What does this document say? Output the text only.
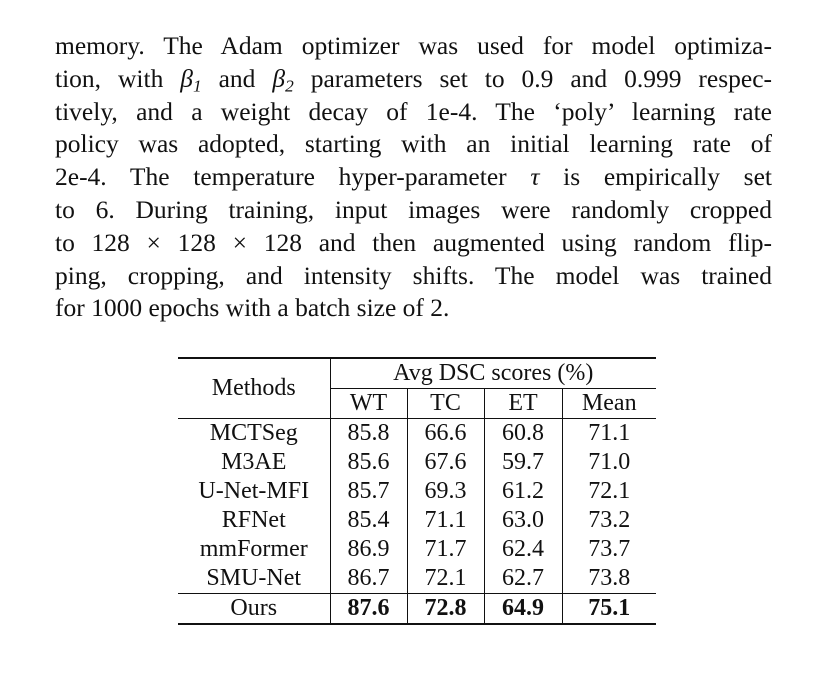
memory. The Adam optimizer was used for model optimiza-
tion, with $\beta_1$ and $\beta_2$ parameters set to 0.9 and 0.999 respec-
tively, and a weight decay of 1e-4. The ‘poly’ learning rate
policy was adopted, starting with an initial learning rate of
2e-4. The temperature hyper-parameter τ is empirically set
to 6. During training, input images were randomly cropped
to 128 × 128 × 128 and then augmented using random flip-
ping, cropping, and intensity shifts. The model was trained
for 1000 epochs with a batch size of 2.
Methods	Avg DSC scores (%)			
	WT	TC	ET	Mean
MCTSeg	85.8	66.6	60.8	71.1
M3AE	85.6	67.6	59.7	71.0
U-Net-MFI	85.7	69.3	61.2	72.1
RFNet	85.4	71.1	63.0	73.2
mmFormer	86.9	71.7	62.4	73.7
SMU-Net	86.7	72.1	62.7	73.8
Ours	87.6	72.8	64.9	75.1
